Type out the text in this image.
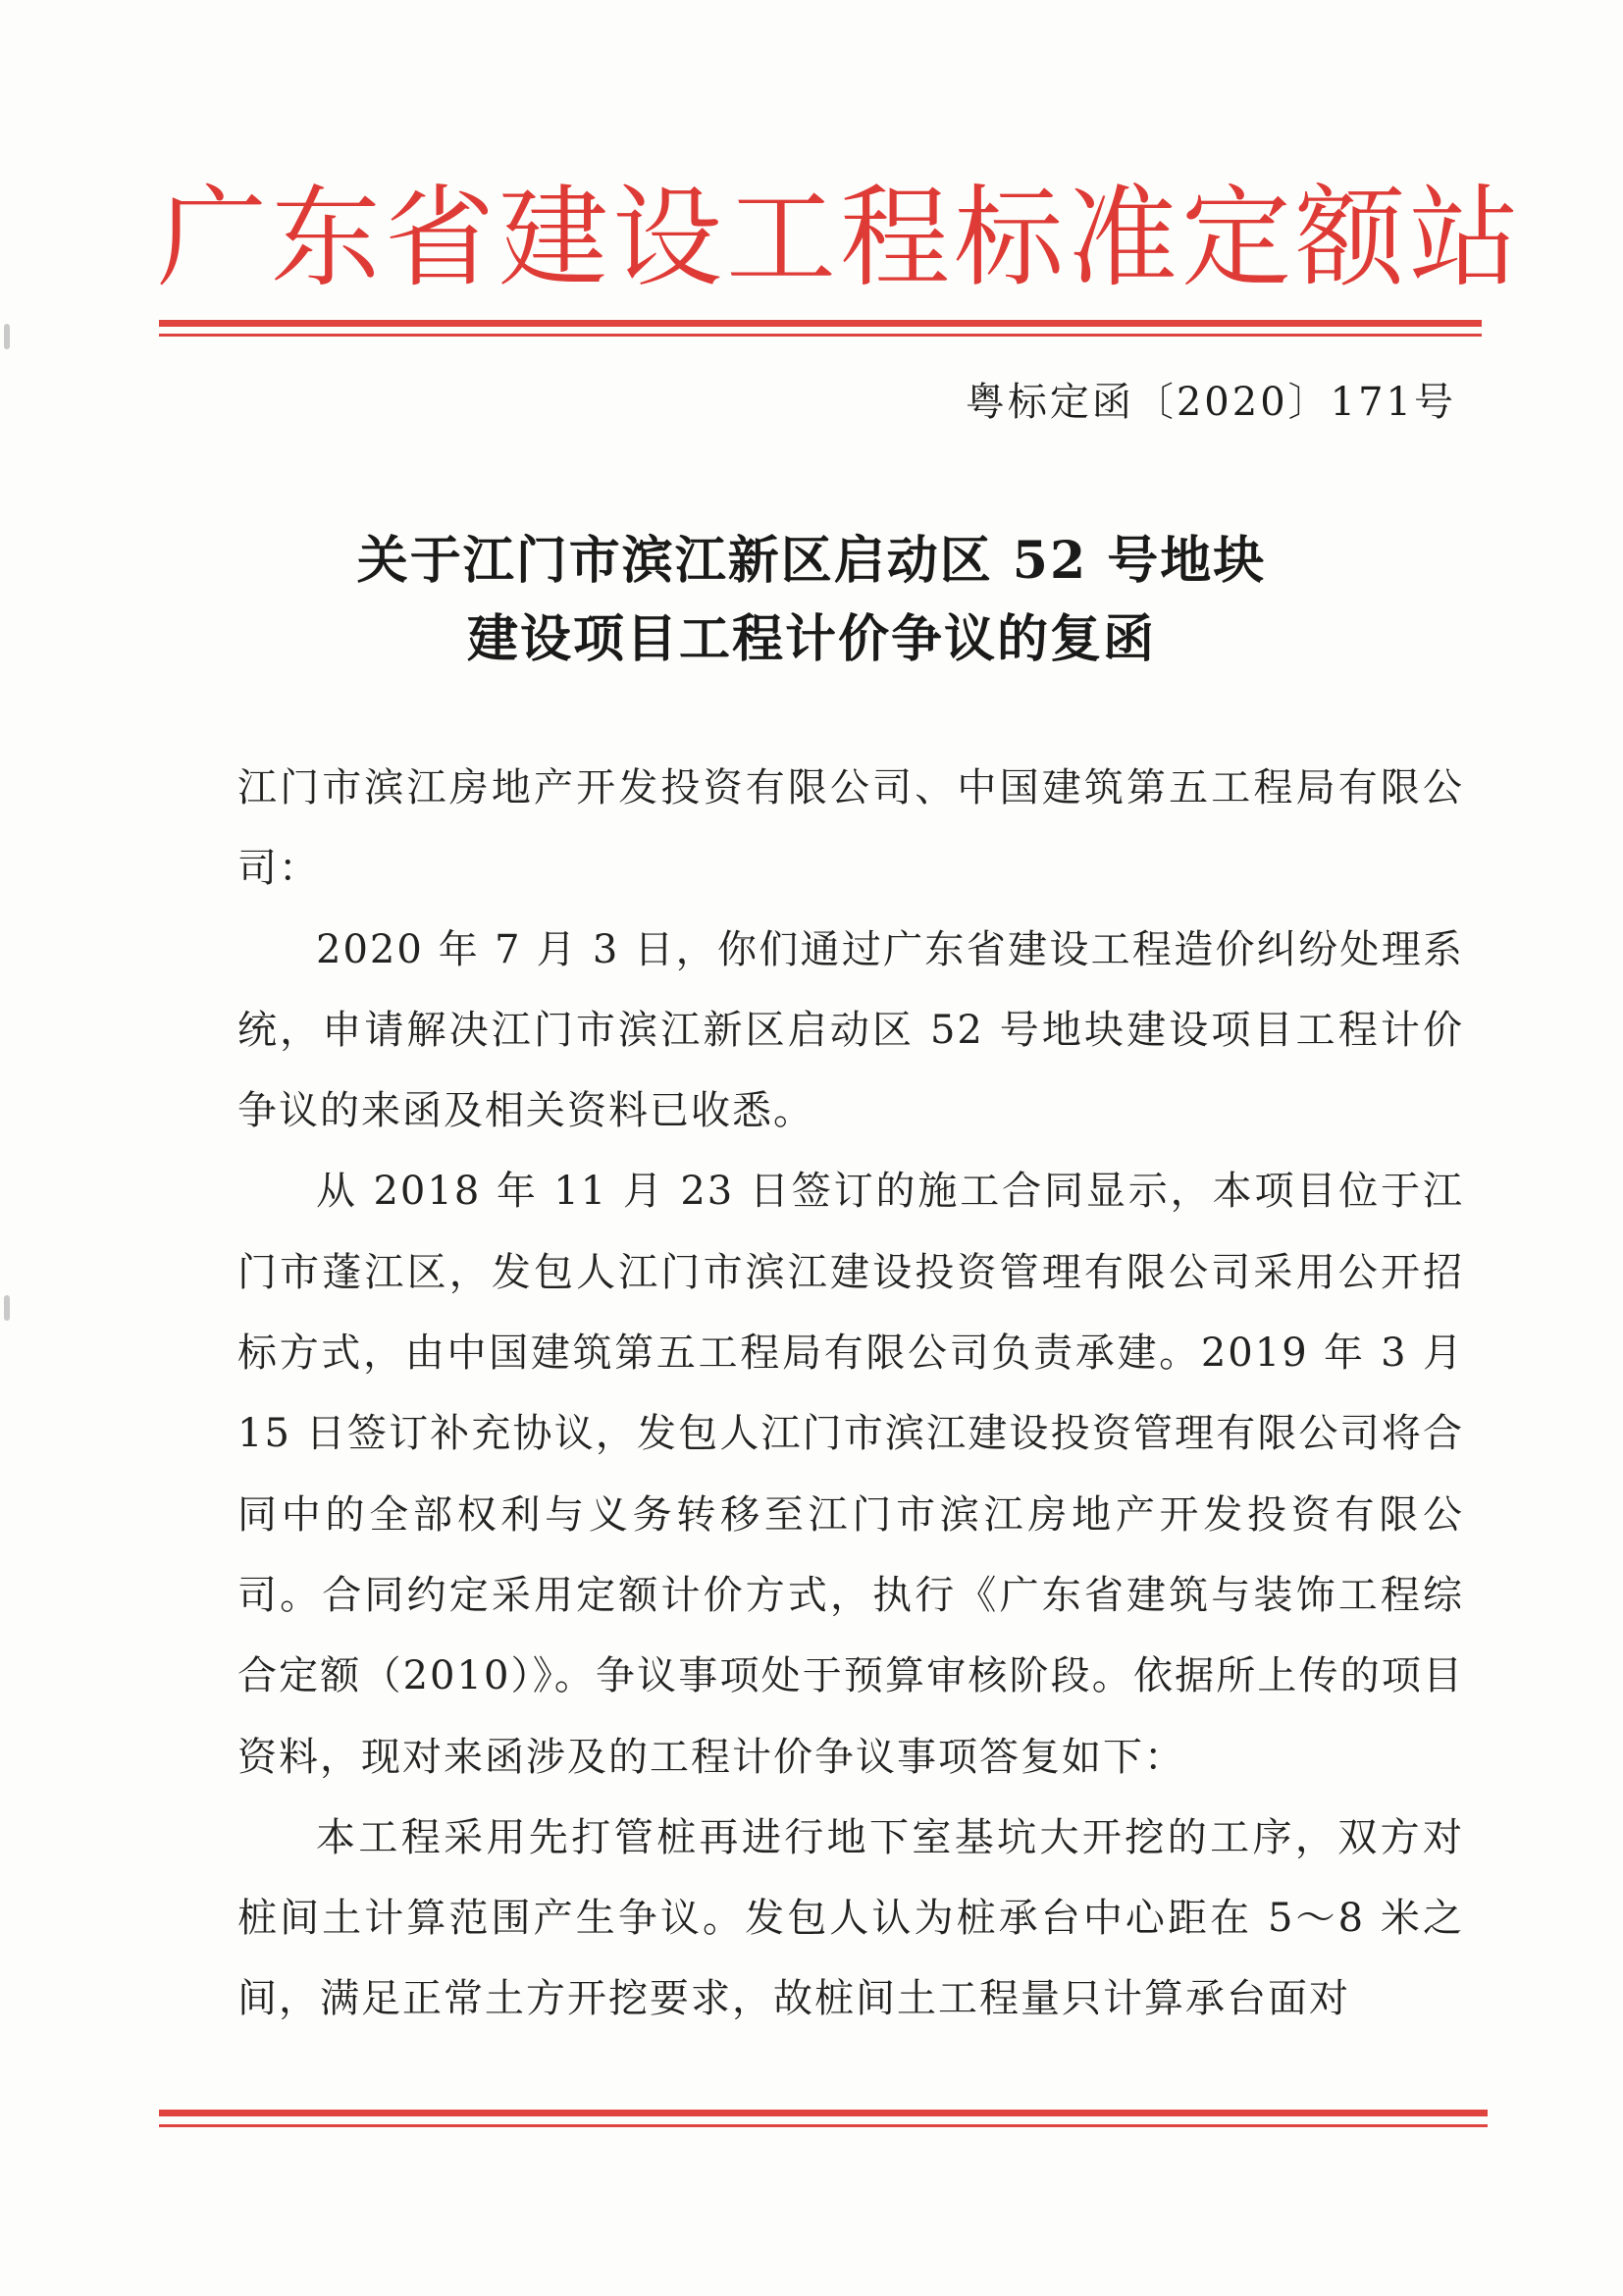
广东省建设工程标准定额站
粤标定函〔2020〕171号
关于江门市滨江新区启动区 52 号地块
建设项目工程计价争议的复函

江门市滨江房地产开发投资有限公司、中国建筑第五工程局有限公司：

2020 年 7 月 3 日，你们通过广东省建设工程造价纠纷处理系统，申请解决江门市滨江新区启动区 52 号地块建设项目工程计价争议的来函及相关资料已收悉。

从 2018 年 11 月 23 日签订的施工合同显示，本项目位于江门市蓬江区，发包人江门市滨江建设投资管理有限公司采用公开招标方式，由中国建筑第五工程局有限公司负责承建。2019 年 3 月 15 日签订补充协议，发包人江门市滨江建设投资管理有限公司将合同中的全部权利与义务转移至江门市滨江房地产开发投资有限公司。合同约定采用定额计价方式，执行《广东省建筑与装饰工程综合定额（2010）》。争议事项处于预算审核阶段。依据所上传的项目资料，现对来函涉及的工程计价争议事项答复如下：

本工程采用先打管桩再进行地下室基坑大开挖的工序，双方对桩间土计算范围产生争议。发包人认为桩承台中心距在 5～8 米之间，满足正常土方开挖要求，故桩间土工程量只计算承台面对
